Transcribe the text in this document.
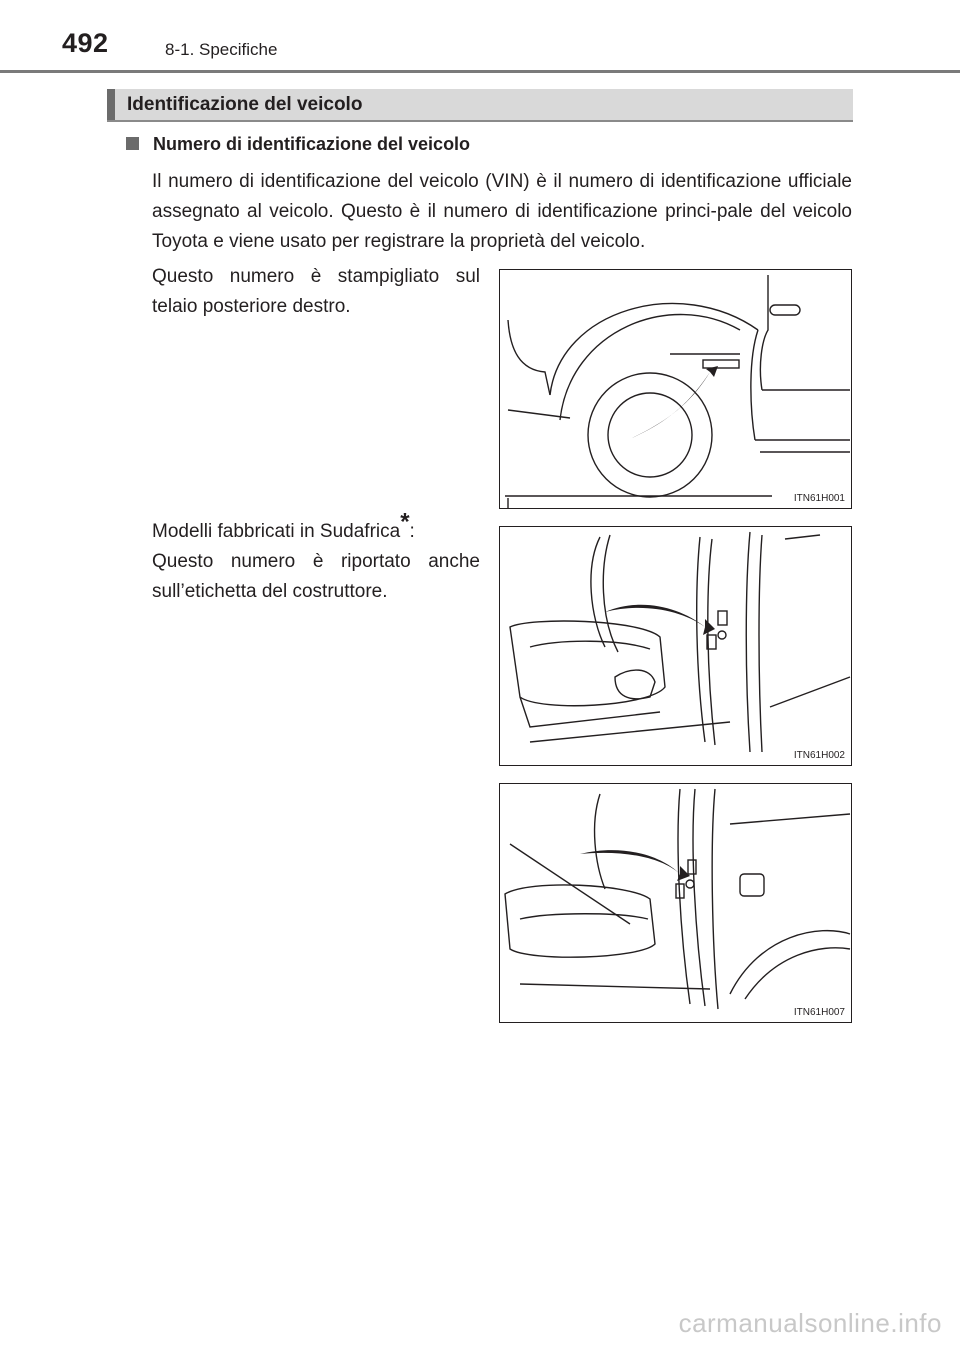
492	8-1. Specifiche
Identificazione del veicolo
Numero di identificazione del veicolo

Il numero di identificazione del veicolo (VIN) è il numero di identificazione ufficiale assegnato al veicolo. Questo è il numero di identificazione princi-pale del veicolo Toyota e viene usato per registrare la proprietà del veicolo.

Questo numero è stampigliato sul telaio posteriore destro.

Modelli fabbricati in Sudafrica*:

Questo numero è riportato anche sull’etichetta del costruttore.

ITN61H001
ITN61H002
ITN61H007
carmanualsonline.info
